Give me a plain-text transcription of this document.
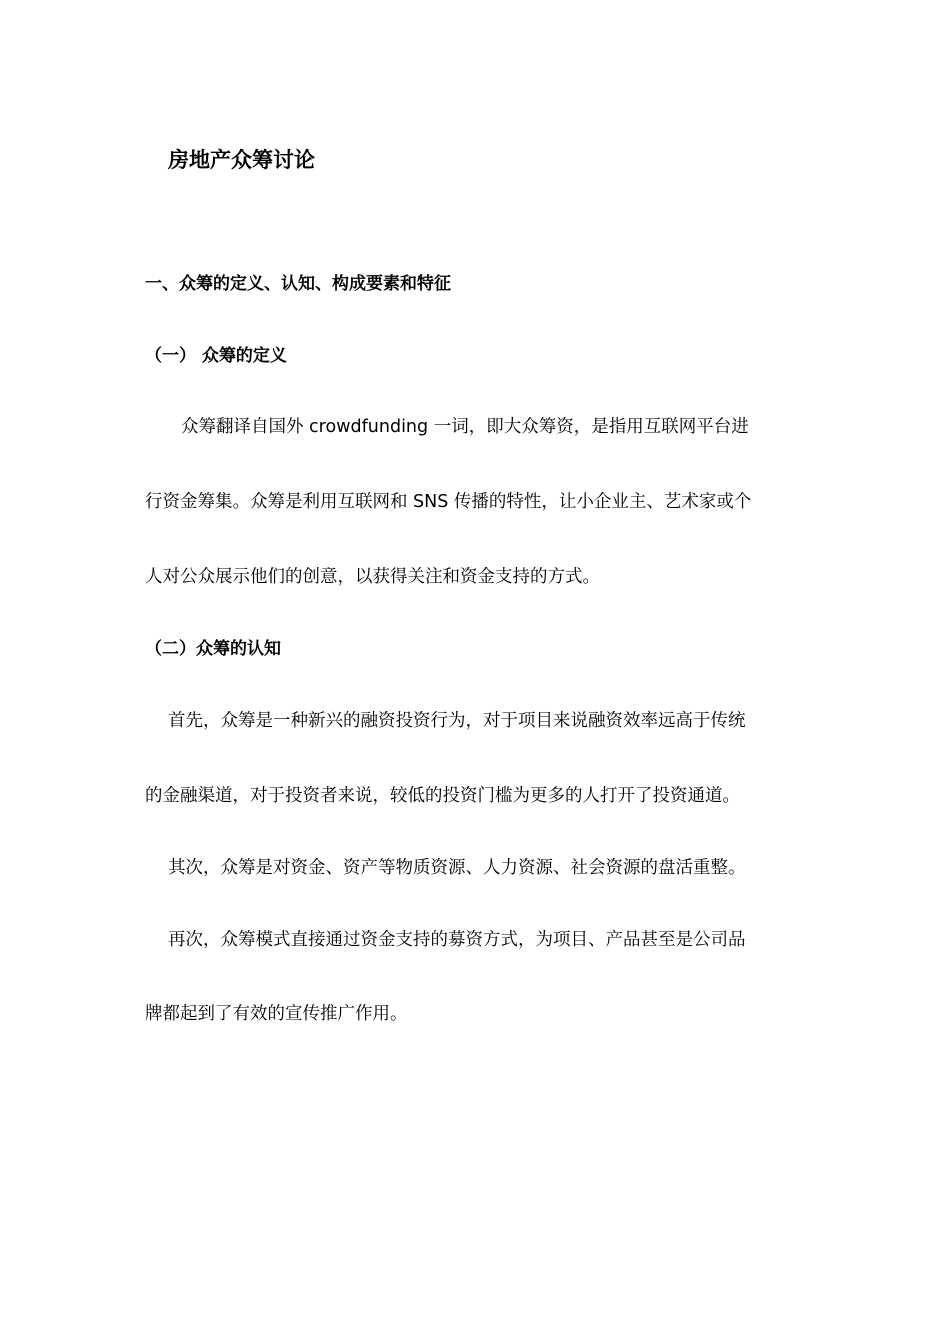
房地产众筹讨论
一、众筹的定义、认知、构成要素和特征
（一） 众筹的定义
众筹翻译自国外 crowdfunding 一词，即大众筹资，是指用互联网平台进
行资金筹集。众筹是利用互联网和 SNS 传播的特性，让小企业主、艺术家或个
人对公众展示他们的创意，以获得关注和资金支持的方式。
（二）众筹的认知
首先，众筹是一种新兴的融资投资行为，对于项目来说融资效率远高于传统
的金融渠道，对于投资者来说，较低的投资门槛为更多的人打开了投资通道。
其次，众筹是对资金、资产等物质资源、人力资源、社会资源的盘活重整。
再次，众筹模式直接通过资金支持的募资方式，为项目、产品甚至是公司品
牌都起到了有效的宣传推广作用。
